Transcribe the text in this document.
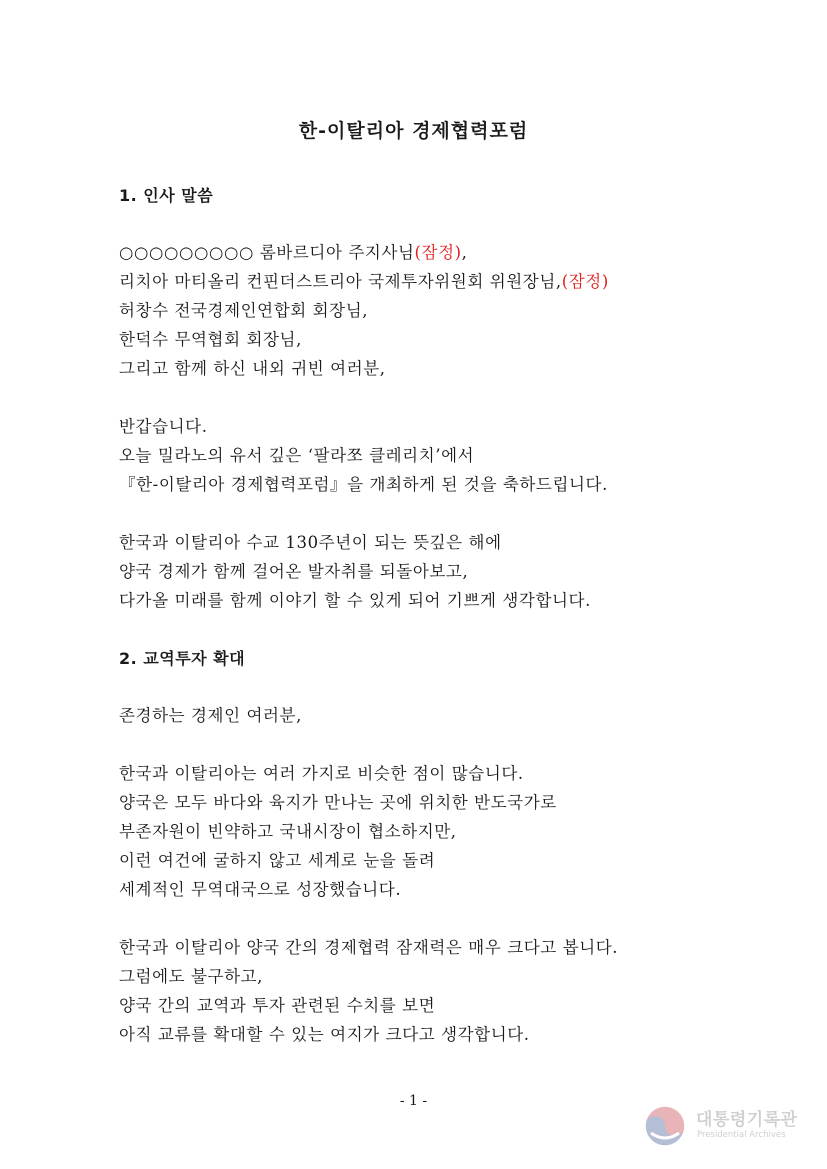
한-이탈리아 경제협력포럼
1. 인사 말씀
○○○○○○○○○ 롬바르디아 주지사님(잠정),
리치아 마티올리 컨핀더스트리아 국제투자위원회 위원장님,(잠정)
허창수 전국경제인연합회 회장님,
한덕수 무역협회 회장님,
그리고 함께 하신 내외 귀빈 여러분,
반갑습니다.
오늘 밀라노의 유서 깊은 ‘팔라쪼 클레리치’에서
『한-이탈리아 경제협력포럼』을 개최하게 된 것을 축하드립니다.
한국과 이탈리아 수교 130주년이 되는 뜻깊은 해에
양국 경제가 함께 걸어온 발자취를 되돌아보고,
다가올 미래를 함께 이야기 할 수 있게 되어 기쁘게 생각합니다.
2. 교역투자 확대
존경하는 경제인 여러분,
한국과 이탈리아는 여러 가지로 비슷한 점이 많습니다.
양국은 모두 바다와 육지가 만나는 곳에 위치한 반도국가로
부존자원이 빈약하고 국내시장이 협소하지만,
이런 여건에 굴하지 않고 세계로 눈을 돌려
세계적인 무역대국으로 성장했습니다.
한국과 이탈리아 양국 간의 경제협력 잠재력은 매우 크다고 봅니다.
그럼에도 불구하고,
양국 간의 교역과 투자 관련된 수치를 보면
아직 교류를 확대할 수 있는 여지가 크다고 생각합니다.
- 1 -
대통령기록관
Presidential Archives
